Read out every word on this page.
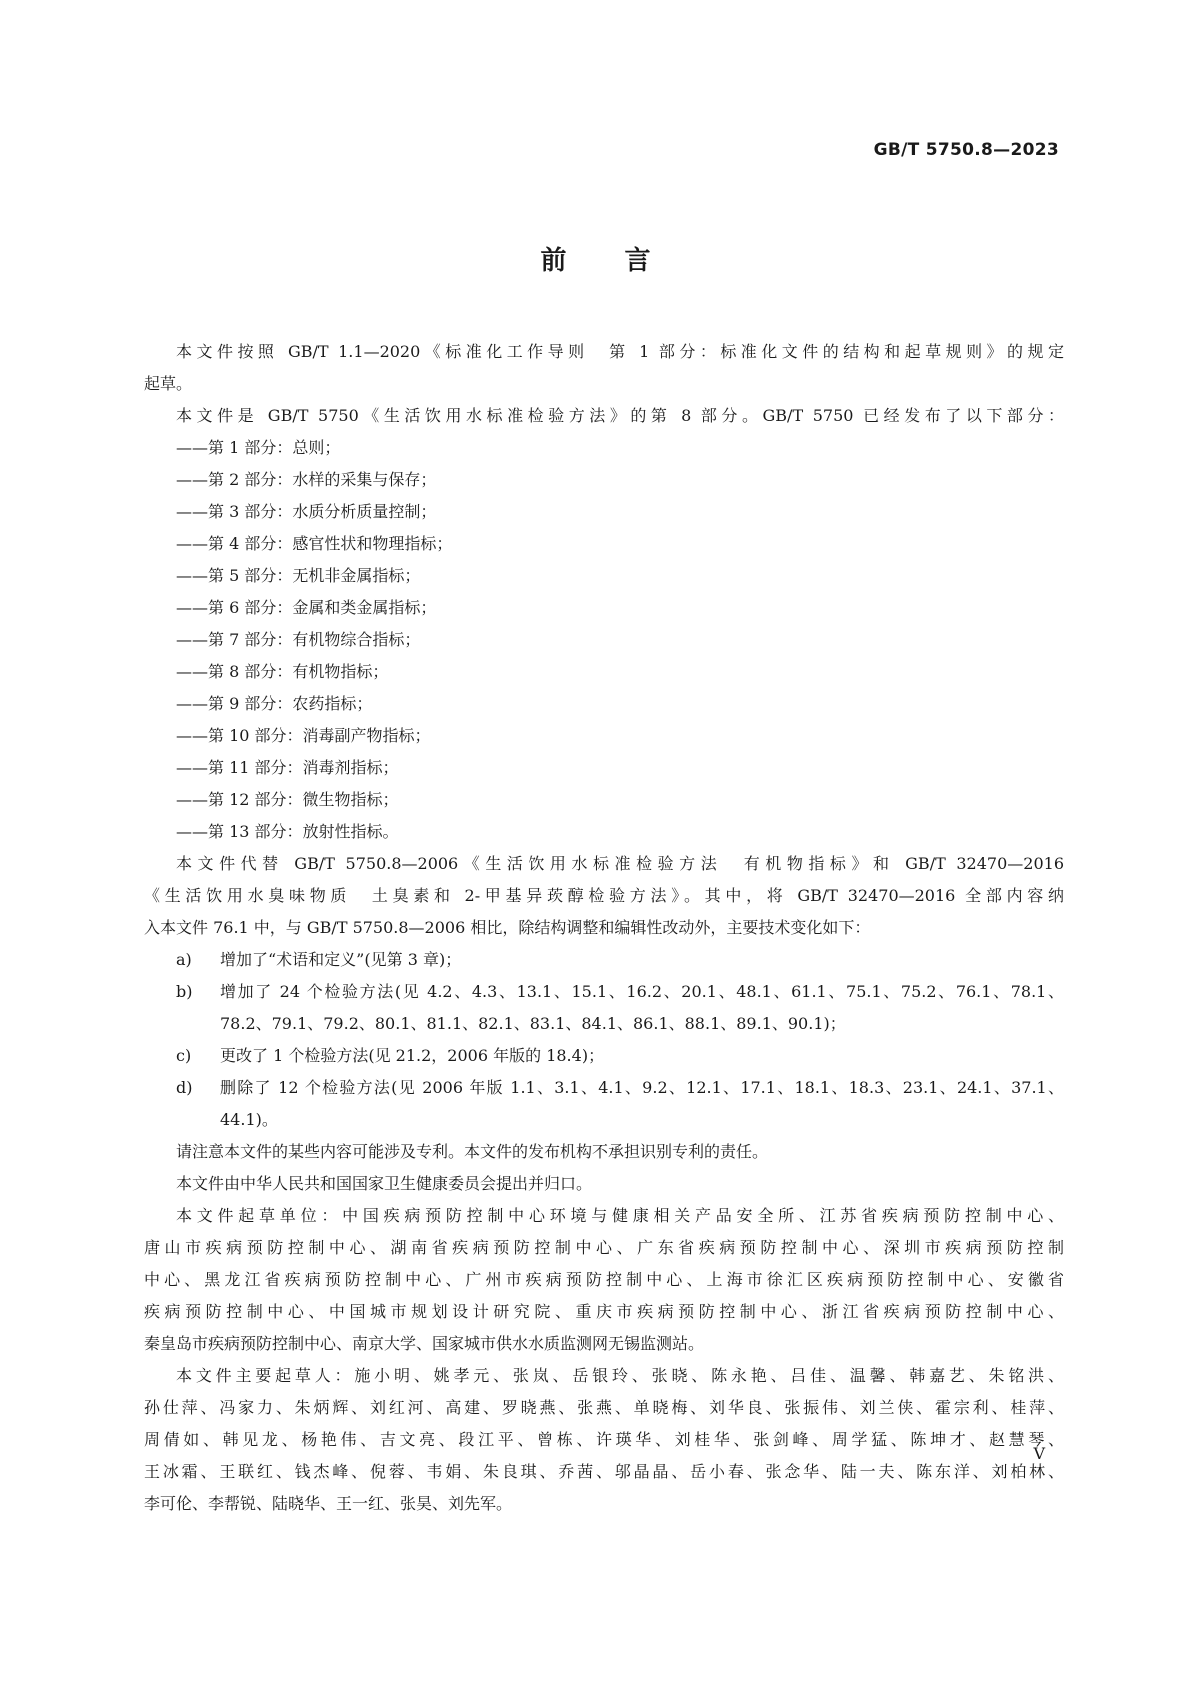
GB/T 5750.8—2023
前言
本文件按照 GB/T 1.1—2020《标准化工作导则　第 1 部分：标准化文件的结构和起草规则》的规定
起草。
本文件是 GB/T 5750《生活饮用水标准检验方法》的第 8 部分。GB/T 5750 已经发布了以下部分：
——第 1 部分：总则；
——第 2 部分：水样的采集与保存；
——第 3 部分：水质分析质量控制；
——第 4 部分：感官性状和物理指标；
——第 5 部分：无机非金属指标；
——第 6 部分：金属和类金属指标；
——第 7 部分：有机物综合指标；
——第 8 部分：有机物指标；
——第 9 部分：农药指标；
——第 10 部分：消毒副产物指标；
——第 11 部分：消毒剂指标；
——第 12 部分：微生物指标；
——第 13 部分：放射性指标。
本文件代替 GB/T 5750.8—2006《生活饮用水标准检验方法　有机物指标》和 GB/T 32470—2016
《生活饮用水臭味物质　土臭素和 2-甲基异莰醇检验方法》。其中，将 GB/T 32470—2016 全部内容纳
入本文件 76.1 中，与 GB/T 5750.8—2006 相比，除结构调整和编辑性改动外，主要技术变化如下：
a)	增加了“术语和定义”(见第 3 章)；
b)	增加了 24 个检验方法(见 4.2、4.3、13.1、15.1、16.2、20.1、48.1、61.1、75.1、75.2、76.1、78.1、
78.2、79.1、79.2、80.1、81.1、82.1、83.1、84.1、86.1、88.1、89.1、90.1)；
c)	更改了 1 个检验方法(见 21.2，2006 年版的 18.4)；
d)	删除了 12 个检验方法(见 2006 年版 1.1、3.1、4.1、9.2、12.1、17.1、18.1、18.3、23.1、24.1、37.1、
44.1)。
请注意本文件的某些内容可能涉及专利。本文件的发布机构不承担识别专利的责任。
本文件由中华人民共和国国家卫生健康委员会提出并归口。
本文件起草单位：中国疾病预防控制中心环境与健康相关产品安全所、江苏省疾病预防控制中心、
唐山市疾病预防控制中心、湖南省疾病预防控制中心、广东省疾病预防控制中心、深圳市疾病预防控制
中心、黑龙江省疾病预防控制中心、广州市疾病预防控制中心、上海市徐汇区疾病预防控制中心、安徽省
疾病预防控制中心、中国城市规划设计研究院、重庆市疾病预防控制中心、浙江省疾病预防控制中心、
秦皇岛市疾病预防控制中心、南京大学、国家城市供水水质监测网无锡监测站。
本文件主要起草人：施小明、姚孝元、张岚、岳银玲、张晓、陈永艳、吕佳、温馨、韩嘉艺、朱铭洪、
孙仕萍、冯家力、朱炳辉、刘红河、高建、罗晓燕、张燕、单晓梅、刘华良、张振伟、刘兰侠、霍宗利、桂萍、
周倩如、韩见龙、杨艳伟、吉文亮、段江平、曾栋、许瑛华、刘桂华、张剑峰、周学猛、陈坤才、赵慧琴、
王冰霜、王联红、钱杰峰、倪蓉、韦娟、朱良琪、乔茜、邬晶晶、岳小春、张念华、陆一夫、陈东洋、刘柏林、
李可伦、李帮锐、陆晓华、王一红、张昊、刘先军。
V
